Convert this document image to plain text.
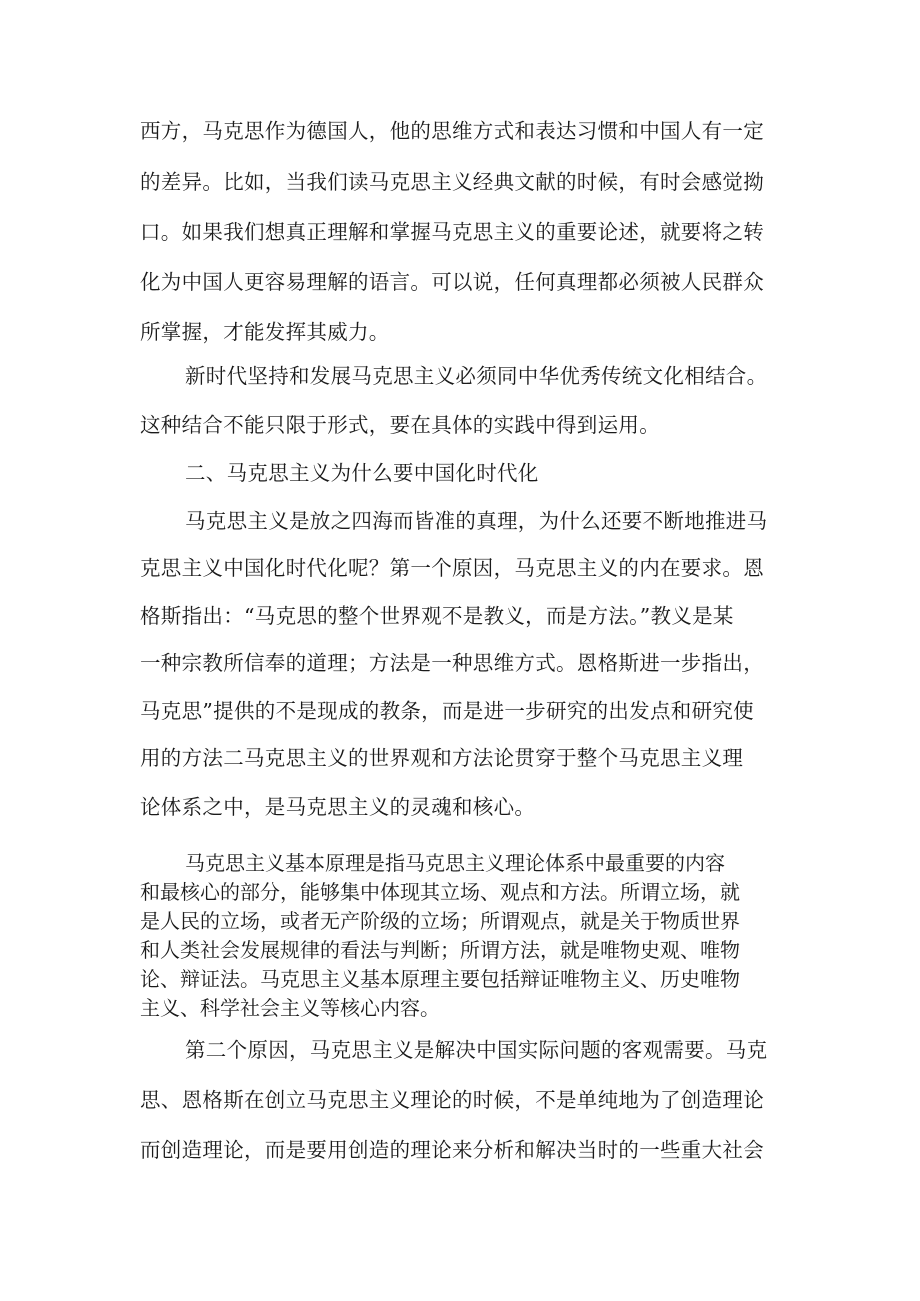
西方，马克思作为德国人，他的思维方式和表达习惯和中国人有一定
的差异。比如，当我们读马克思主义经典文献的时候，有时会感觉拗
口。如果我们想真正理解和掌握马克思主义的重要论述，就要将之转
化为中国人更容易理解的语言。可以说，任何真理都必须被人民群众
所掌握，才能发挥其威力。
新时代坚持和发展马克思主义必须同中华优秀传统文化相结合。
这种结合不能只限于形式，要在具体的实践中得到运用。
二、马克思主义为什么要中国化时代化
马克思主义是放之四海而皆准的真理，为什么还要不断地推进马
克思主义中国化时代化呢？第一个原因，马克思主义的内在要求。恩
格斯指出：“马克思的整个世界观不是教义，而是方法。”教义是某
一种宗教所信奉的道理；方法是一种思维方式。恩格斯进一步指出，
马克思”提供的不是现成的教条，而是进一步研究的出发点和研究使
用的方法二马克思主义的世界观和方法论贯穿于整个马克思主义理
论体系之中，是马克思主义的灵魂和核心。
马克思主义基本原理是指马克思主义理论体系中最重要的内容
和最核心的部分，能够集中体现其立场、观点和方法。所谓立场，就
是人民的立场，或者无产阶级的立场；所谓观点，就是关于物质世界
和人类社会发展规律的看法与判断；所谓方法，就是唯物史观、唯物
论、辩证法。马克思主义基本原理主要包括辩证唯物主义、历史唯物
主义、科学社会主义等核心内容。
第二个原因，马克思主义是解决中国实际问题的客观需要。马克
思、恩格斯在创立马克思主义理论的时候，不是单纯地为了创造理论
而创造理论，而是要用创造的理论来分析和解决当时的一些重大社会
